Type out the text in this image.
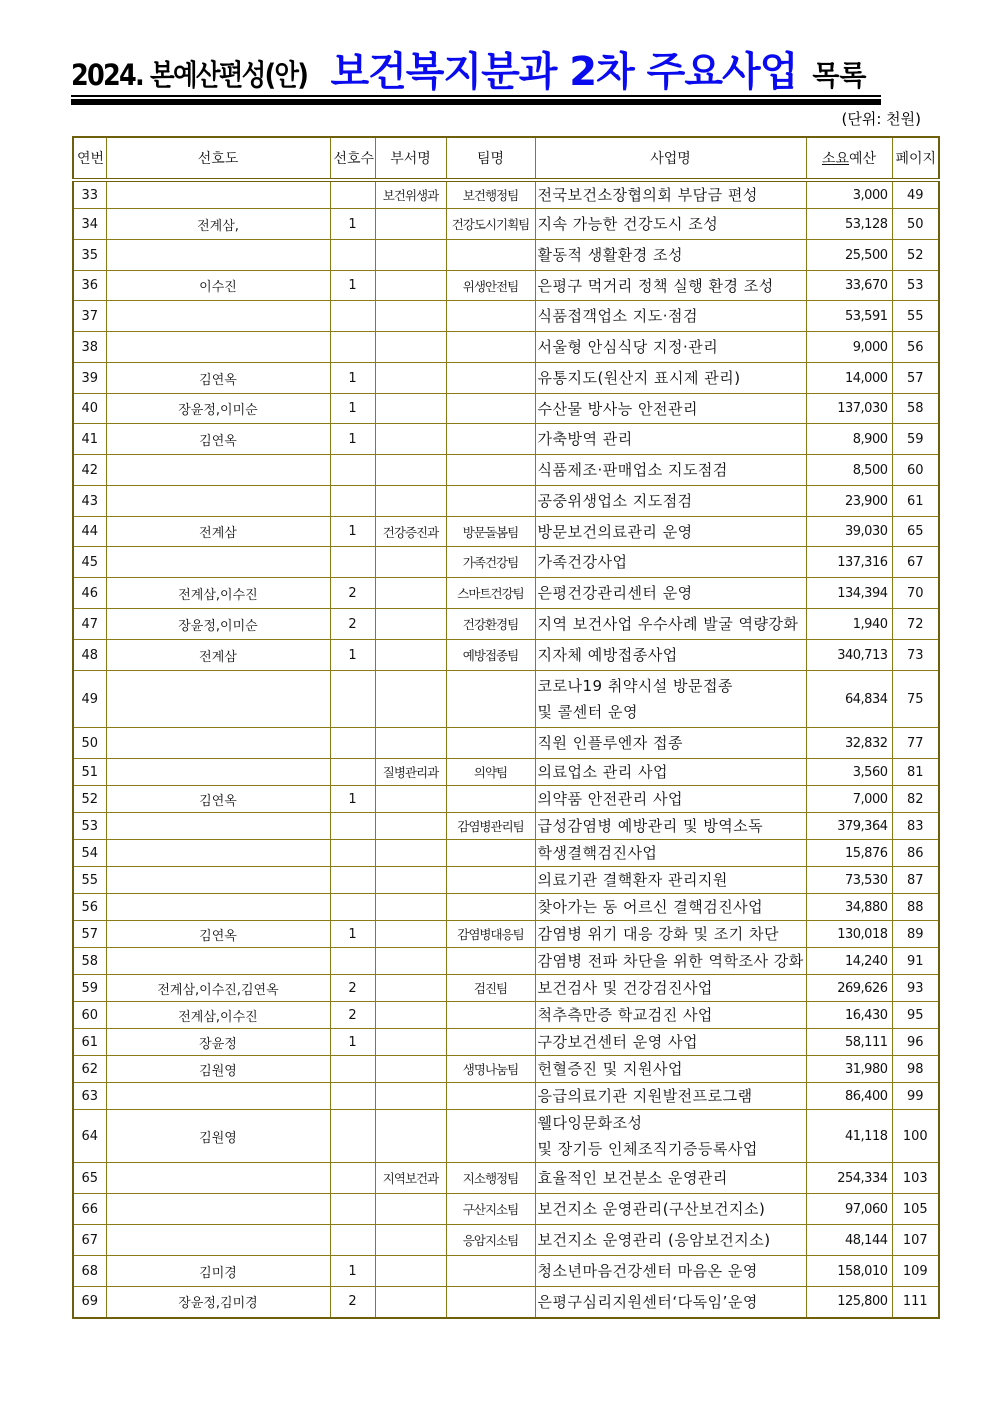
2024. 본예산편성(안) 보건복지분과 2차 주요사업 목록
(단위: 천원)
연번	선호도	선호수	부서명	팀명	사업명	소요예산	페이지
33			보건위생과	보건행정팀	전국보건소장협의회 부담금 편성	3,000	49
34	전계삼,	1		건강도시기획팀	지속 가능한 건강도시 조성	53,128	50
35					활동적 생활환경 조성	25,500	52
36	이수진	1		위생안전팀	은평구 먹거리 정책 실행 환경 조성	33,670	53
37					식품접객업소 지도·점검	53,591	55
38					서울형 안심식당 지정·관리	9,000	56
39	김연옥	1			유통지도(원산지 표시제 관리)	14,000	57
40	장윤정,이미순	1			수산물 방사능 안전관리	137,030	58
41	김연옥	1			가축방역 관리	8,900	59
42					식품제조·판매업소 지도점검	8,500	60
43					공중위생업소 지도점검	23,900	61
44	전계삼	1	건강증진과	방문돌봄팀	방문보건의료관리 운영	39,030	65
45				가족건강팀	가족건강사업	137,316	67
46	전계삼,이수진	2		스마트건강팀	은평건강관리센터 운영	134,394	70
47	장윤정,이미순	2		건강환경팀	지역 보건사업 우수사례 발굴 역량강화	1,940	72
48	전계삼	1		예방접종팀	지자체 예방접종사업	340,713	73
49					코로나19 취약시설 방문접종
및 콜센터 운영	64,834	75
50					직원 인플루엔자 접종	32,832	77
51			질병관리과	의약팀	의료업소 관리 사업	3,560	81
52	김연옥	1			의약품 안전관리 사업	7,000	82
53				감염병관리팀	급성감염병 예방관리 및 방역소독	379,364	83
54					학생결핵검진사업	15,876	86
55					의료기관 결핵환자 관리지원	73,530	87
56					찾아가는 동 어르신 결핵검진사업	34,880	88
57	김연옥	1		감염병대응팀	감염병 위기 대응 강화 및 조기 차단	130,018	89
58					감염병 전파 차단을 위한 역학조사 강화	14,240	91
59	전계삼,이수진,김연옥	2		검진팀	보건검사 및 건강검진사업	269,626	93
60	전계삼,이수진	2			척추측만증 학교검진 사업	16,430	95
61	장윤정	1			구강보건센터 운영 사업	58,111	96
62	김원영			생명나눔팀	헌혈증진 및 지원사업	31,980	98
63					응급의료기관 지원발전프로그램	86,400	99
64	김원영				웰다잉문화조성
및 장기등 인체조직기증등록사업	41,118	100
65			지역보건과	지소행정팀	효율적인 보건분소 운영관리	254,334	103
66				구산지소팀	보건지소 운영관리(구산보건지소)	97,060	105
67				응암지소팀	보건지소 운영관리 (응암보건지소)	48,144	107
68	김미경	1			청소년마음건강센터 마음온 운영	158,010	109
69	장윤정,김미경	2			은평구심리지원센터‘다독임’운영	125,800	111
